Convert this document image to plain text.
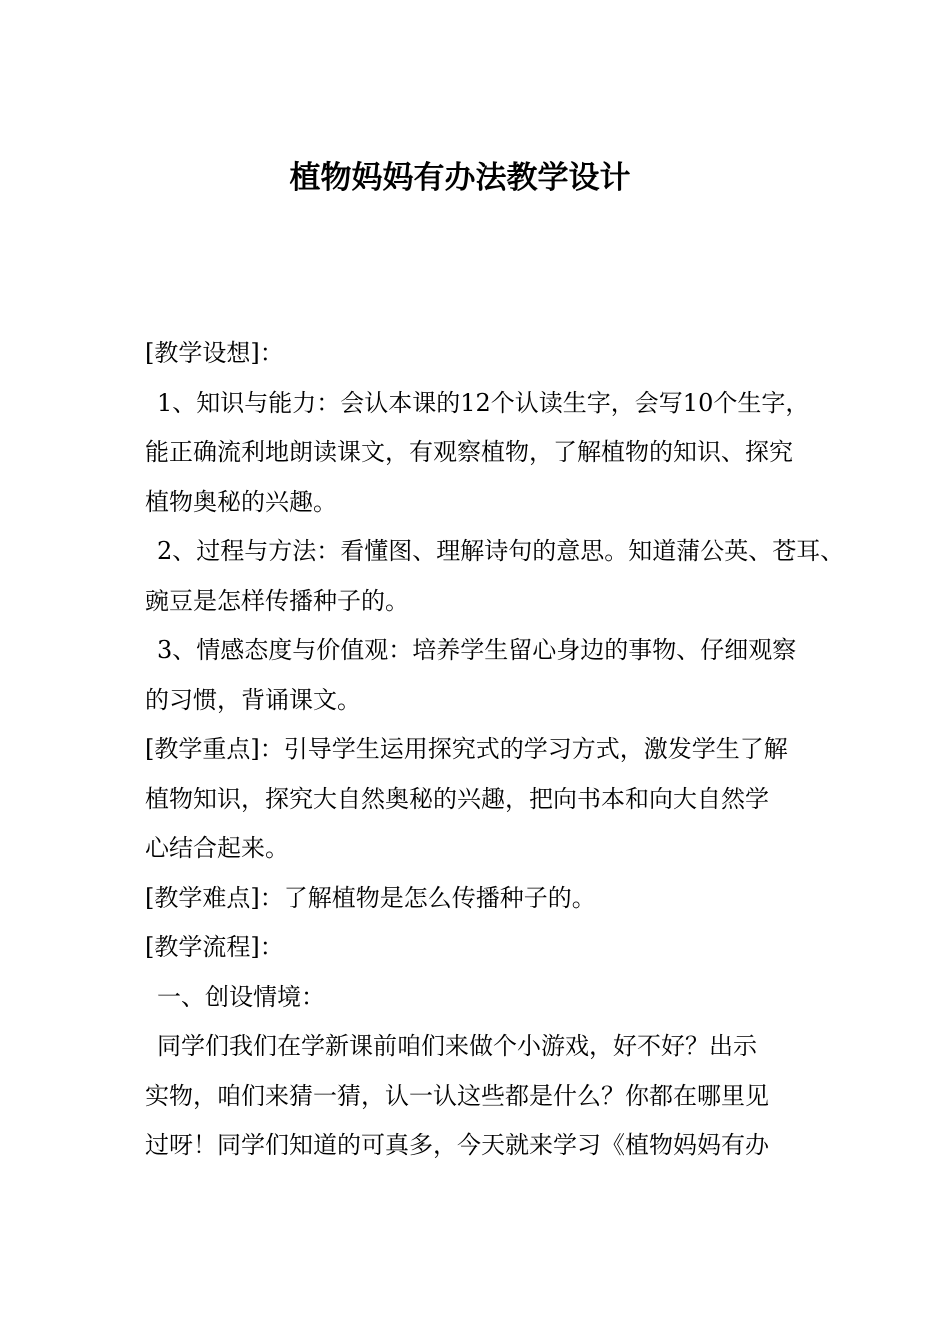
植物妈妈有办法教学设计
[教学设想]：
1、知识与能力：会认本课的12个认读生字，会写10个生字，
能正确流利地朗读课文，有观察植物，了解植物的知识、探究
植物奥秘的兴趣。
2、过程与方法：看懂图、理解诗句的意思。知道蒲公英、苍耳、
豌豆是怎样传播种子的。
3、情感态度与价值观：培养学生留心身边的事物、仔细观察
的习惯，背诵课文。
[教学重点]：引导学生运用探究式的学习方式，激发学生了解
植物知识，探究大自然奥秘的兴趣，把向书本和向大自然学
心结合起来。
[教学难点]：了解植物是怎么传播种子的。
[教学流程]：
一、创设情境：
同学们我们在学新课前咱们来做个小游戏，好不好？出示
实物，咱们来猜一猜，认一认这些都是什么？你都在哪里见
过呀！同学们知道的可真多，今天就来学习《植物妈妈有办
